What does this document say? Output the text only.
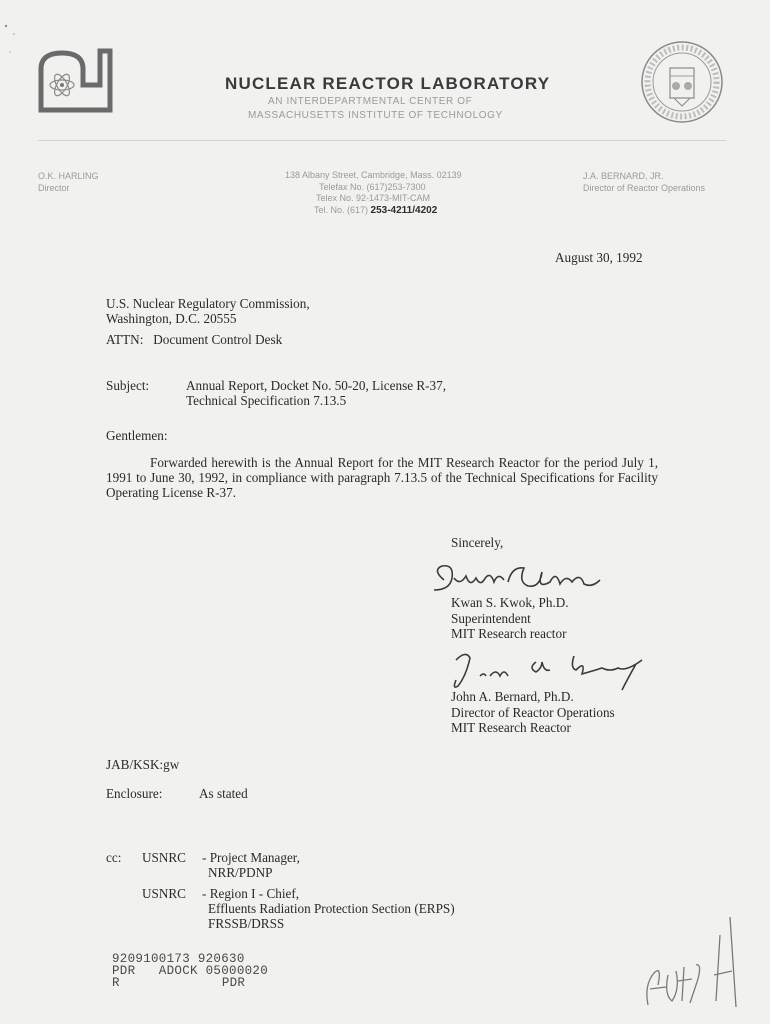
NUCLEAR REACTOR LABORATORY
AN INTERDEPARTMENTAL CENTER OF
MASSACHUSETTS INSTITUTE OF TECHNOLOGY
O.K. HARLING
Director
138 Albany Street, Cambridge, Mass. 02139
Telefax No. (617)253-7300
Telex No. 92-1473-MIT-CAM
Tel. No. (617) 253-4211/4202
J.A. BERNARD, JR.
Director of Reactor Operations
August 30, 1992
U.S. Nuclear Regulatory Commission,
Washington, D.C. 20555
ATTN:   Document Control Desk
Subject:	Annual Report, Docket No. 50-20, License R-37,
Technical Specification 7.13.5
Gentlemen:
Forwarded herewith is the Annual Report for the MIT Research Reactor for the period July 1, 1991 to June 30, 1992, in compliance with paragraph 7.13.5 of the Technical Specifications for Facility Operating License R-37.
Sincerely,
Kwan S. Kwok, Ph.D.
Superintendent
MIT Research reactor
John A. Bernard, Ph.D.
Director of Reactor Operations
MIT Research Reactor
JAB/KSK:gw
Enclosure:	As stated
cc: USNRC - Project Manager,
NRR/PDNP
USNRC - Region I - Chief,
Effluents Radiation Protection Section (ERPS)
FRSSB/DRSS
9209100173 920630
PDR   ADOCK 05000020
R	PDR
